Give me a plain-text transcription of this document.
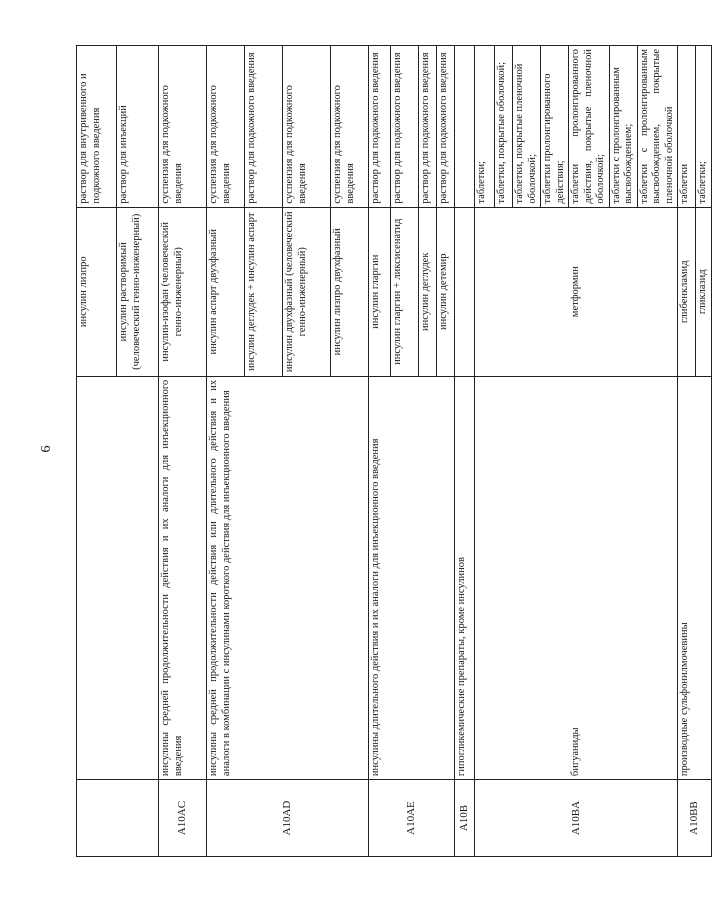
6
		инсулин лизпро	раствор для внутривенного и подкожного введения
		инсулин растворимый (человеческий генно-инженерный)	раствор для инъекций
A10AC	инсулины средней продолжительности действия и их аналоги для инъекционного введения	инсулин-изофан (человеческий генно-инженерный)	суспензия для подкожного введения
A10AD	инсулины средней продолжительности действия или длительного действия и их аналоги в комбинации с инсулинами короткого действия для инъекционного введения	инсулин аспарт двухфазный	суспензия для подкожного введения
		инсулин деглудек + инсулин аспарт	раствор для подкожного введения
		инсулин двухфазный (человеческий генно-инженерный)	суспензия для подкожного введения
		инсулин лизпро двухфазный	суспензия для подкожного введения
A10AE	инсулины длительного действия и их аналоги для инъекционного введения	инсулин гларгин	раствор для подкожного введения
		инсулин гларгин + ликсисенатид	раствор для подкожного введения
		инсулин деглудек	раствор для подкожного введения
		инсулин детемир	раствор для подкожного введения
A10B	гипогликемические препараты, кроме инсулинов		
A10BA	бигуаниды	метформин	таблетки;
			таблетки, покрытые оболочкой;
			таблетки, покрытые пленочной оболочкой;
			таблетки пролонгированного действия;
			таблетки пролонгированного действия, покрытые пленочной оболочкой;
			таблетки с пролонгированным высвобождением;
			таблетки с пролонгированным высвобождением, покрытые пленочной оболочкой
A10BB	производные сульфонилмочевины	глибенкламид	таблетки
		гликлазид	таблетки;
